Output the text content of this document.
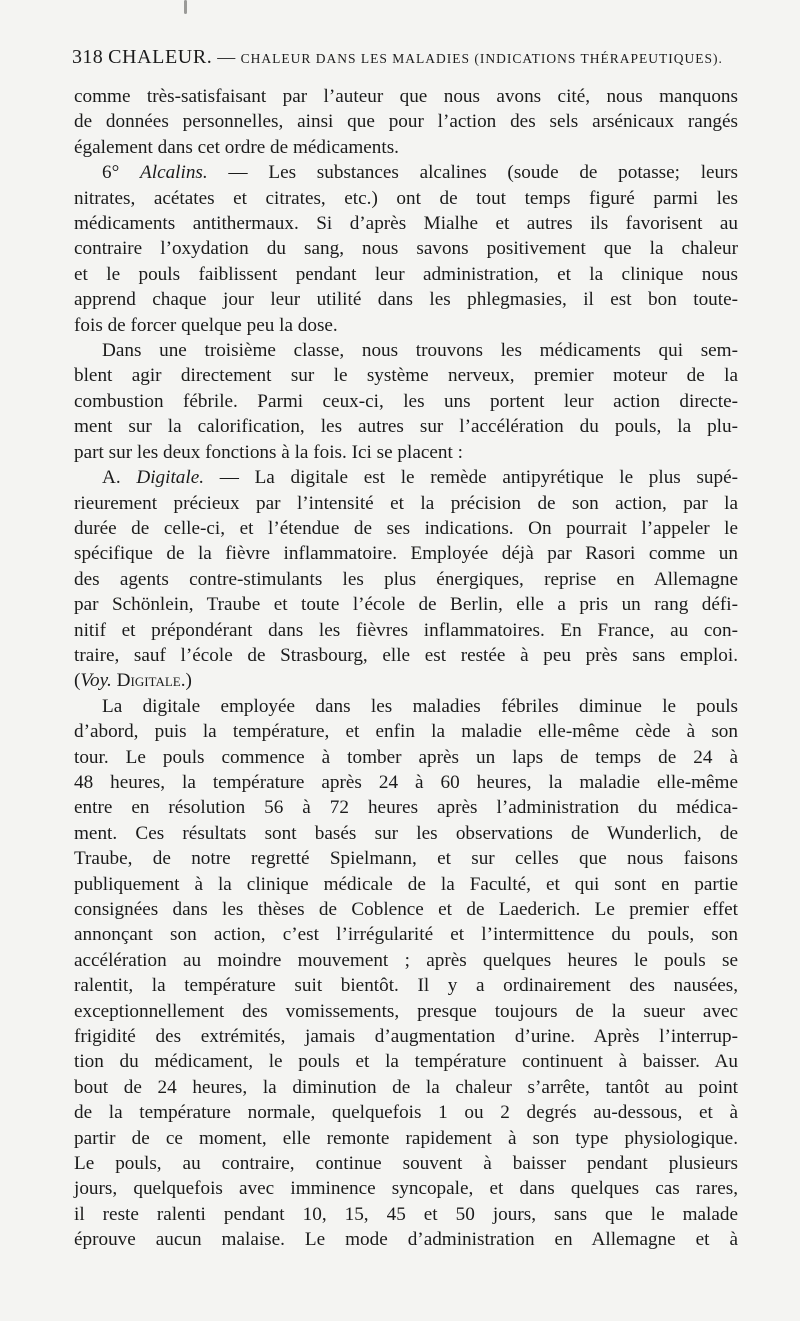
318 CHALEUR. — CHALEUR DANS LES MALADIES (INDICATIONS THÉRAPEUTIQUES).

comme très-satisfaisant par l’auteur que nous avons cité, nous manquons

de données personnelles, ainsi que pour l’action des sels arsénicaux rangés

également dans cet ordre de médicaments.

6° Alcalins. — Les substances alcalines (soude de potasse; leurs

nitrates, acétates et citrates, etc.) ont de tout temps figuré parmi les

médicaments antithermaux. Si d’après Mialhe et autres ils favorisent au

contraire l’oxydation du sang, nous savons positivement que la chaleur

et le pouls faiblissent pendant leur administration, et la clinique nous

apprend chaque jour leur utilité dans les phlegmasies, il est bon toute-

fois de forcer quelque peu la dose.

Dans une troisième classe, nous trouvons les médicaments qui sem-

blent agir directement sur le système nerveux, premier moteur de la

combustion fébrile. Parmi ceux-ci, les uns portent leur action directe-

ment sur la calorification, les autres sur l’accélération du pouls, la plu-

part sur les deux fonctions à la fois. Ici se placent :

A. Digitale. — La digitale est le remède antipyrétique le plus supé-

rieurement précieux par l’intensité et la précision de son action, par la

durée de celle-ci, et l’étendue de ses indications. On pourrait l’appeler le

spécifique de la fièvre inflammatoire. Employée déjà par Rasori comme un

des agents contre-stimulants les plus énergiques, reprise en Allemagne

par Schönlein, Traube et toute l’école de Berlin, elle a pris un rang défi-

nitif et prépondérant dans les fièvres inflammatoires. En France, au con-

traire, sauf l’école de Strasbourg, elle est restée à peu près sans emploi.

(Voy. Digitale.)

La digitale employée dans les maladies fébriles diminue le pouls

d’abord, puis la température, et enfin la maladie elle-même cède à son

tour. Le pouls commence à tomber après un laps de temps de 24 à

48 heures, la température après 24 à 60 heures, la maladie elle-même

entre en résolution 56 à 72 heures après l’administration du médica-

ment. Ces résultats sont basés sur les observations de Wunderlich, de

Traube, de notre regretté Spielmann, et sur celles que nous faisons

publiquement à la clinique médicale de la Faculté, et qui sont en partie

consignées dans les thèses de Coblence et de Laederich. Le premier effet

annonçant son action, c’est l’irrégularité et l’intermittence du pouls, son

accélération au moindre mouvement ; après quelques heures le pouls se

ralentit, la température suit bientôt. Il y a ordinairement des nausées,

exceptionnellement des vomissements, presque toujours de la sueur avec

frigidité des extrémités, jamais d’augmentation d’urine. Après l’interrup-

tion du médicament, le pouls et la température continuent à baisser. Au

bout de 24 heures, la diminution de la chaleur s’arrête, tantôt au point

de la température normale, quelquefois 1 ou 2 degrés au-dessous, et à

partir de ce moment, elle remonte rapidement à son type physiologique.

Le pouls, au contraire, continue souvent à baisser pendant plusieurs

jours, quelquefois avec imminence syncopale, et dans quelques cas rares,

il reste ralenti pendant 10, 15, 45 et 50 jours, sans que le malade

éprouve aucun malaise. Le mode d’administration en Allemagne et à
